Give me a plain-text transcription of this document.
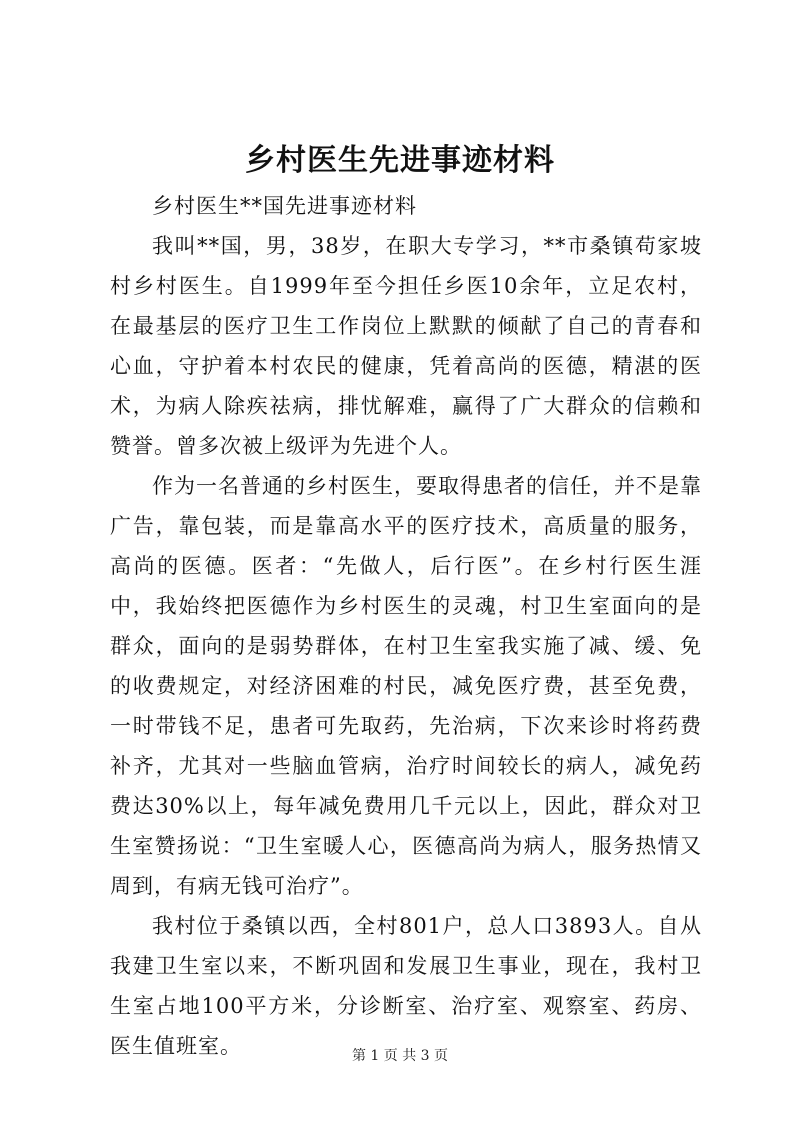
乡村医生先进事迹材料

乡村医生**国先进事迹材料

我叫**国，男，38岁，在职大专学习，**市桑镇苟家坡村乡村医生。自1999年至今担任乡医10余年，立足农村，在最基层的医疗卫生工作岗位上默默的倾献了自己的青春和心血，守护着本村农民的健康，凭着高尚的医德，精湛的医术，为病人除疾祛病，排忧解难，赢得了广大群众的信赖和赞誉。曾多次被上级评为先进个人。

作为一名普通的乡村医生，要取得患者的信任，并不是靠广告，靠包装，而是靠高水平的医疗技术，高质量的服务，高尚的医德。医者：“先做人，后行医”。在乡村行医生涯中，我始终把医德作为乡村医生的灵魂，村卫生室面向的是群众，面向的是弱势群体，在村卫生室我实施了减、缓、免的收费规定，对经济困难的村民，减免医疗费，甚至免费，一时带钱不足，患者可先取药，先治病，下次来诊时将药费补齐，尤其对一些脑血管病，治疗时间较长的病人，减免药费达30%以上，每年减免费用几千元以上，因此，群众对卫生室赞扬说：“卫生室暖人心，医德高尚为病人，服务热情又周到，有病无钱可治疗”。

我村位于桑镇以西，全村801户，总人口3893人。自从我建卫生室以来，不断巩固和发展卫生事业，现在，我村卫生室占地100平方米，分诊断室、治疗室、观察室、药房、医生值班室。	第 1 页 共 3 页
